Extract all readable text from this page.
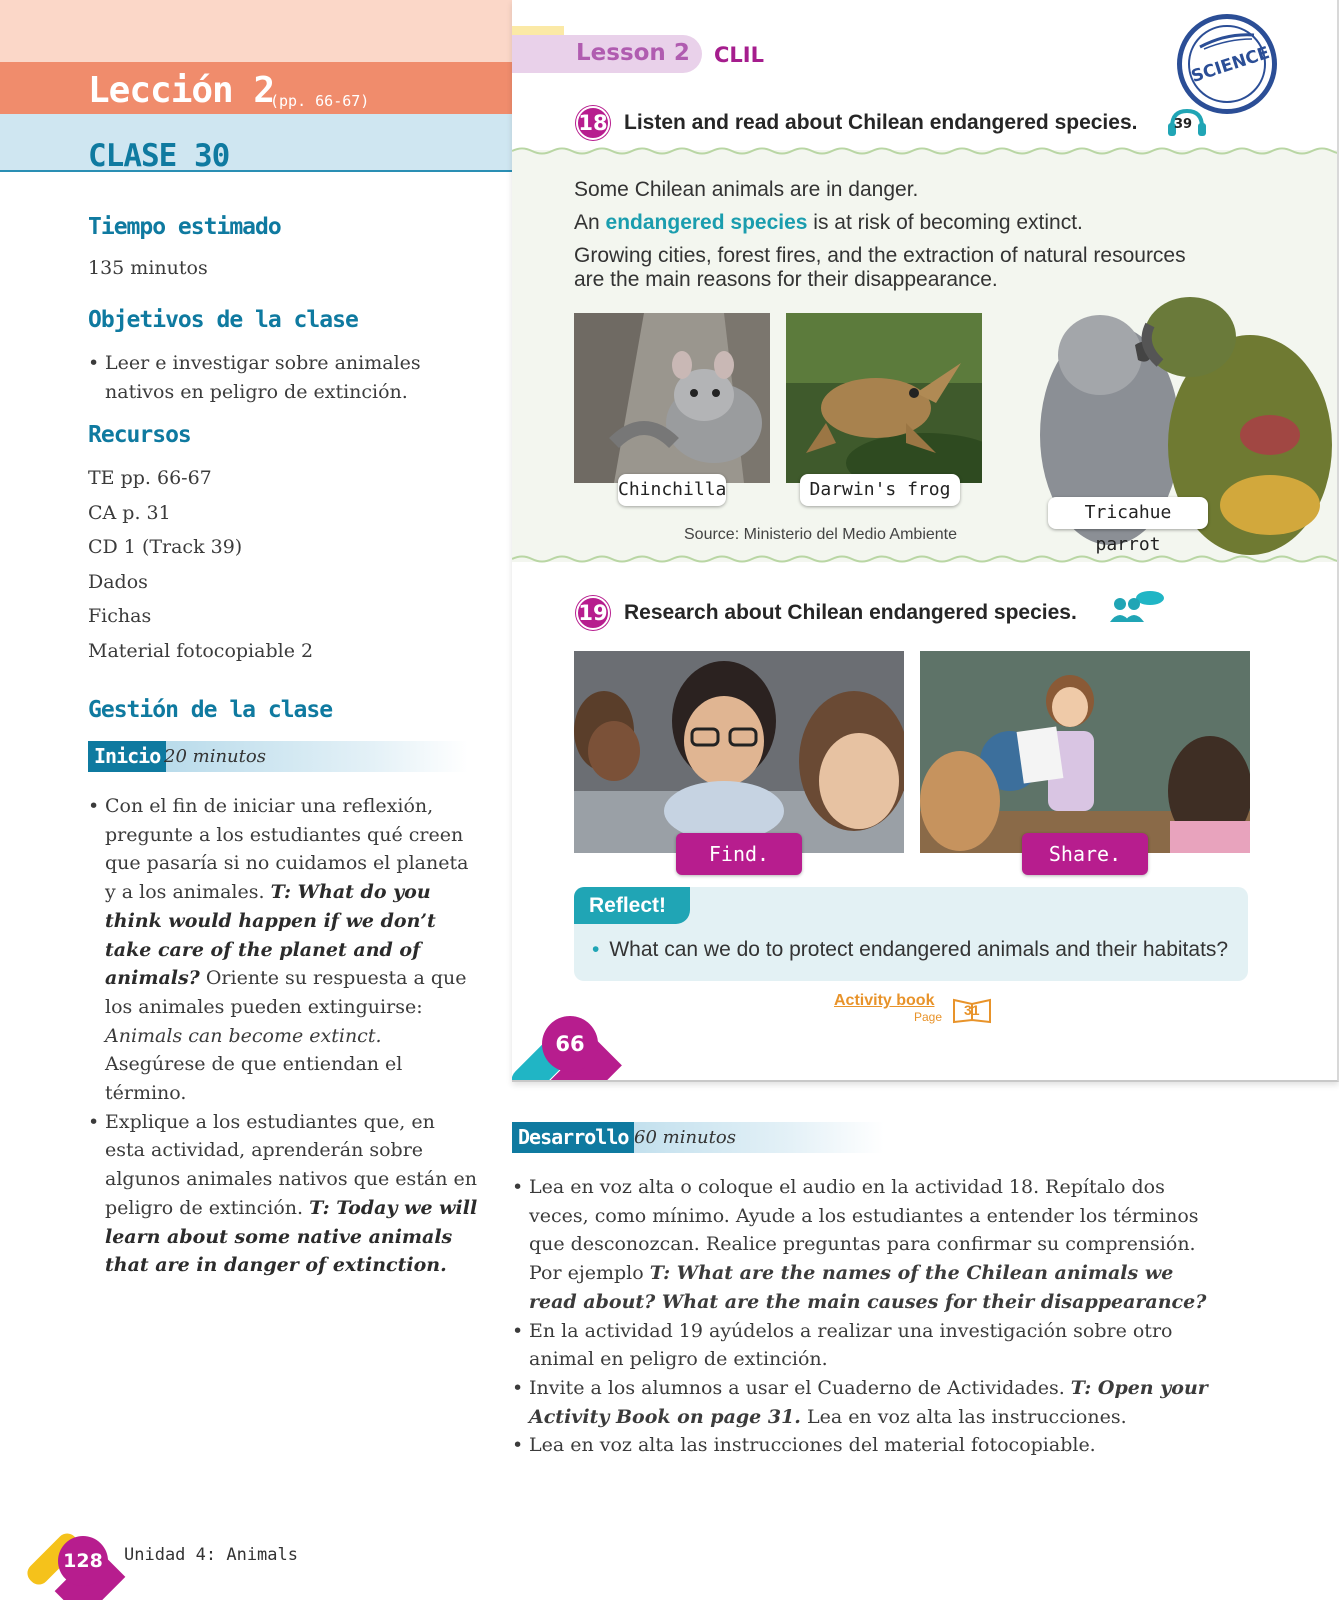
Lección 2
(pp. 66-67)
CLASE 30
Tiempo estimado
135 minutos
Objetivos de la clase
• Leer e investigar sobre animales nativos en peligro de extinción.
Recursos
TE pp. 66-67
CA p. 31
CD 1 (Track 39)
Dados
Fichas
Material fotocopiable 2
Gestión de la clase
Inicio 20 minutos
• Con el fin de iniciar una reflexión, pregunte a los estudiantes qué creen que pasaría si no cuidamos el planeta y a los animales. T: What do you think would happen if we don’t take care of the planet and of animals? Oriente su respuesta a que los animales pueden extinguirse: Animals can become extinct. Asegúrese de que entiendan el término.
• Explique a los estudiantes que, en esta actividad, aprenderán sobre algunos animales nativos que están en peligro de extinción. T: Today we will learn about some native animals that are in danger of extinction.
128	Unidad 4: Animals
Lesson 2 CLIL	SCIENCE
18 Listen and read about Chilean endangered species.	39
Some Chilean animals are in danger.
An endangered species is at risk of becoming extinct.
Growing cities, forest fires, and the extraction of natural resources
are the main reasons for their disappearance.
Chinchilla	Darwin's frog
Tricahue parrot
Source: Ministerio del Medio Ambiente
19 Research about Chilean endangered species.
Find.	Share.
Reflect!
• What can we do to protect endangered animals and their habitats?
Activity book
Page 31
66
Desarrollo 60 minutos
• Lea en voz alta o coloque el audio en la actividad 18. Repítalo dos veces, como mínimo. Ayude a los estudiantes a entender los términos que desconozcan. Realice preguntas para confirmar su comprensión. Por ejemplo T: What are the names of the Chilean animals we read about? What are the main causes for their disappearance?
• En la actividad 19 ayúdelos a realizar una investigación sobre otro animal en peligro de extinción.
• Invite a los alumnos a usar el Cuaderno de Actividades. T: Open your Activity Book on page 31. Lea en voz alta las instrucciones.
• Lea en voz alta las instrucciones del material fotocopiable.
